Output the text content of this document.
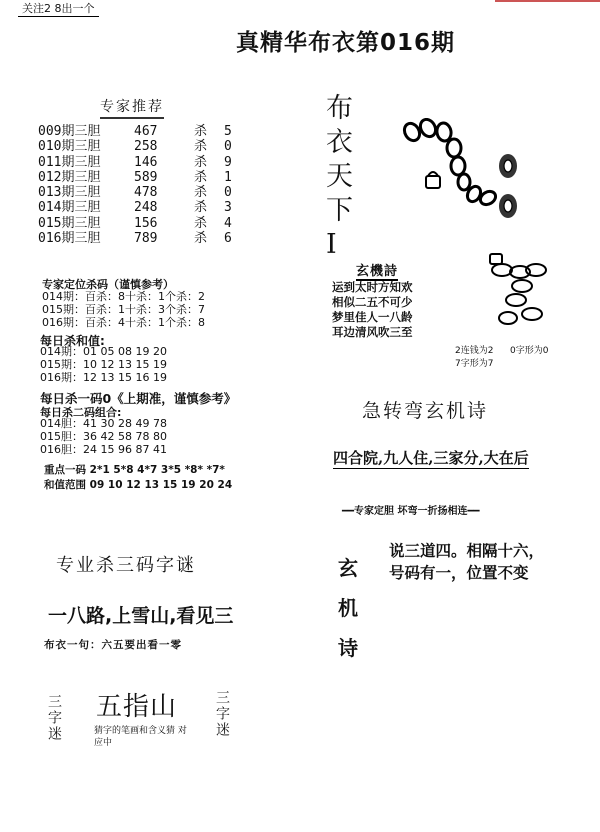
关注2 8出一个
真精华布衣第016期
专家推荐
009期三胆	467	杀	5
010期三胆	258	杀	0
011期三胆	146	杀	9
012期三胆	589	杀	1
013期三胆	478	杀	0
014期三胆	248	杀	3
015期三胆	156	杀	4
016期三胆	789	杀	6
专家定位杀码（谨慎参考）
014期：百杀：8十杀：1个杀：2
015期：百杀：1十杀：3个杀：7
016期：百杀：4十杀：1个杀：8
每日杀和值:
014期：01 05 08 19 20
015期：10 12 13 15 19
016期：12 13 15 16 19
每日杀一码0《上期准，谨慎参考》
每日杀二码组合:
014胆：41 30 28 49 78
015胆：36 42 58 78 80
016胆：24 15 96 87 41
重点一码 2*1 5*8 4*7 3*5 *8* *7*
和值范围 09 10 12 13 15 19 20 24
专业杀三码字谜
一八路,上雪山,看见三
布衣一句：六五要出看一零
三字迷 五指山
猜字的笔画和含义猜 对应中
三字迷
布
衣
天
下
I
玄機詩
运到太时方知欢
相似二五不可少
梦里佳人一八龄
耳边清风吹三至
2连钱为2 0字形为0
7字形为7
急转弯玄机诗
四合院,九人住,三家分,大在后
━━专家定胆 坏弯一折扬相连━━
玄
机
诗
说三道四。相隔十六，
号码有一，位置不变
